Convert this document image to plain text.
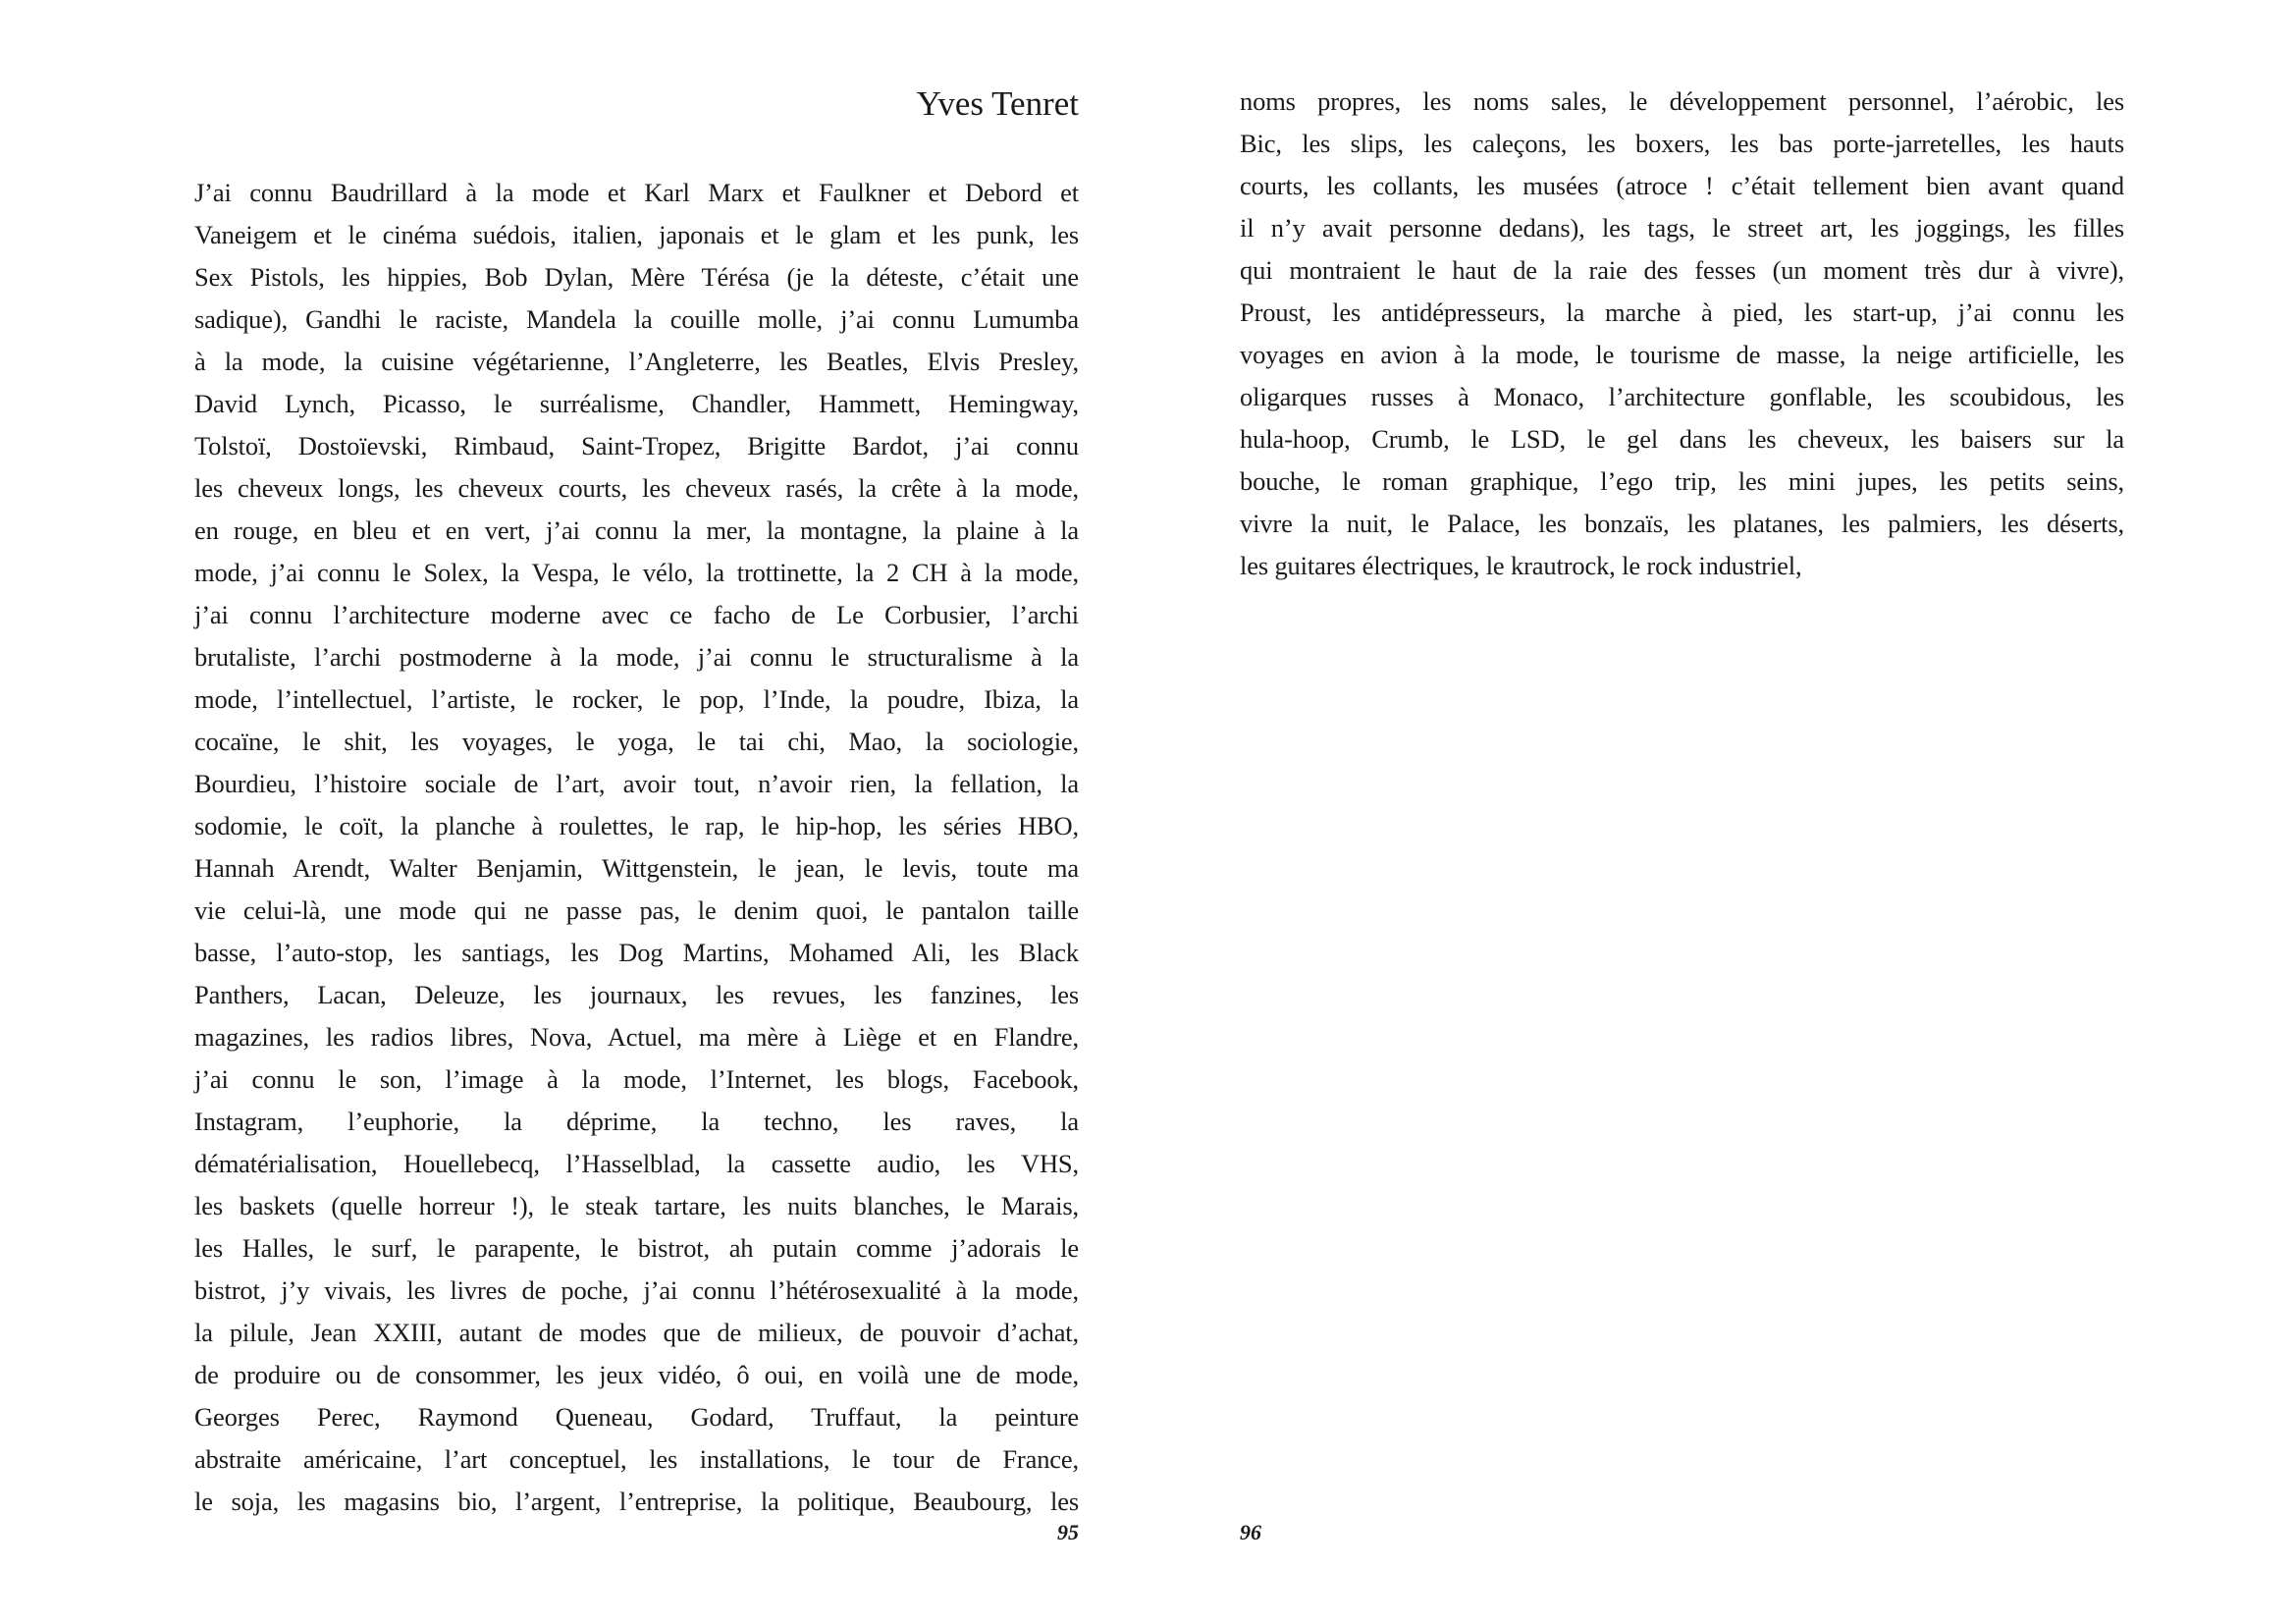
Yves Tenret
J’ai connu Baudrillard à la mode et Karl Marx et Faulkner et Debord et
Vaneigem et le cinéma suédois, italien, japonais et le glam et les punk, les
Sex Pistols, les hippies, Bob Dylan, Mère Térésa (je la déteste, c’était une
sadique), Gandhi le raciste, Mandela la couille molle, j’ai connu Lumumba
à la mode, la cuisine végétarienne, l’Angleterre, les Beatles, Elvis Presley,
David Lynch, Picasso, le surréalisme, Chandler, Hammett, Hemingway,
Tolstoï, Dostoïevski, Rimbaud, Saint-Tropez, Brigitte Bardot, j’ai connu
les cheveux longs, les cheveux courts, les cheveux rasés, la crête à la mode,
en rouge, en bleu et en vert, j’ai connu la mer, la montagne, la plaine à la
mode, j’ai connu le Solex, la Vespa, le vélo, la trottinette, la 2 CH à la mode,
j’ai connu l’architecture moderne avec ce facho de Le Corbusier, l’archi
brutaliste, l’archi postmoderne à la mode, j’ai connu le structuralisme à la
mode, l’intellectuel, l’artiste, le rocker, le pop, l’Inde, la poudre, Ibiza, la
cocaïne, le shit, les voyages, le yoga, le tai chi, Mao, la sociologie,
Bourdieu, l’histoire sociale de l’art, avoir tout, n’avoir rien, la fellation, la
sodomie, le coït, la planche à roulettes, le rap, le hip-hop, les séries HBO,
Hannah Arendt, Walter Benjamin, Wittgenstein, le jean, le levis, toute ma
vie celui-là, une mode qui ne passe pas, le denim quoi, le pantalon taille
basse, l’auto-stop, les santiags, les Dog Martins, Mohamed Ali, les Black
Panthers, Lacan, Deleuze, les journaux, les revues, les fanzines, les
magazines, les radios libres, Nova, Actuel, ma mère à Liège et en Flandre,
j’ai connu le son, l’image à la mode, l’Internet, les blogs, Facebook,
Instagram, l’euphorie, la déprime, la techno, les raves, la
dématérialisation, Houellebecq, l’Hasselblad, la cassette audio, les VHS,
les baskets (quelle horreur !), le steak tartare, les nuits blanches, le Marais,
les Halles, le surf, le parapente, le bistrot, ah putain comme j’adorais le
bistrot, j’y vivais, les livres de poche, j’ai connu l’hétérosexualité à la mode,
la pilule, Jean XXIII, autant de modes que de milieux, de pouvoir d’achat,
de produire ou de consommer, les jeux vidéo, ô oui, en voilà une de mode,
Georges Perec, Raymond Queneau, Godard, Truffaut, la peinture
abstraite américaine, l’art conceptuel, les installations, le tour de France,
le soja, les magasins bio, l’argent, l’entreprise, la politique, Beaubourg, les
noms propres, les noms sales, le développement personnel, l’aérobic, les
Bic, les slips, les caleçons, les boxers, les bas porte-jarretelles, les hauts
courts, les collants, les musées (atroce ! c’était tellement bien avant quand
il n’y avait personne dedans), les tags, le street art, les joggings, les filles
qui montraient le haut de la raie des fesses (un moment très dur à vivre),
Proust, les antidépresseurs, la marche à pied, les start-up, j’ai connu les
voyages en avion à la mode, le tourisme de masse, la neige artificielle, les
oligarques russes à Monaco, l’architecture gonflable, les scoubidous, les
hula-hoop, Crumb, le LSD, le gel dans les cheveux, les baisers sur la
bouche, le roman graphique, l’ego trip, les mini jupes, les petits seins,
vivre la nuit, le Palace, les bonzaïs, les platanes, les palmiers, les déserts,
les guitares électriques, le krautrock, le rock industriel,
95	96
